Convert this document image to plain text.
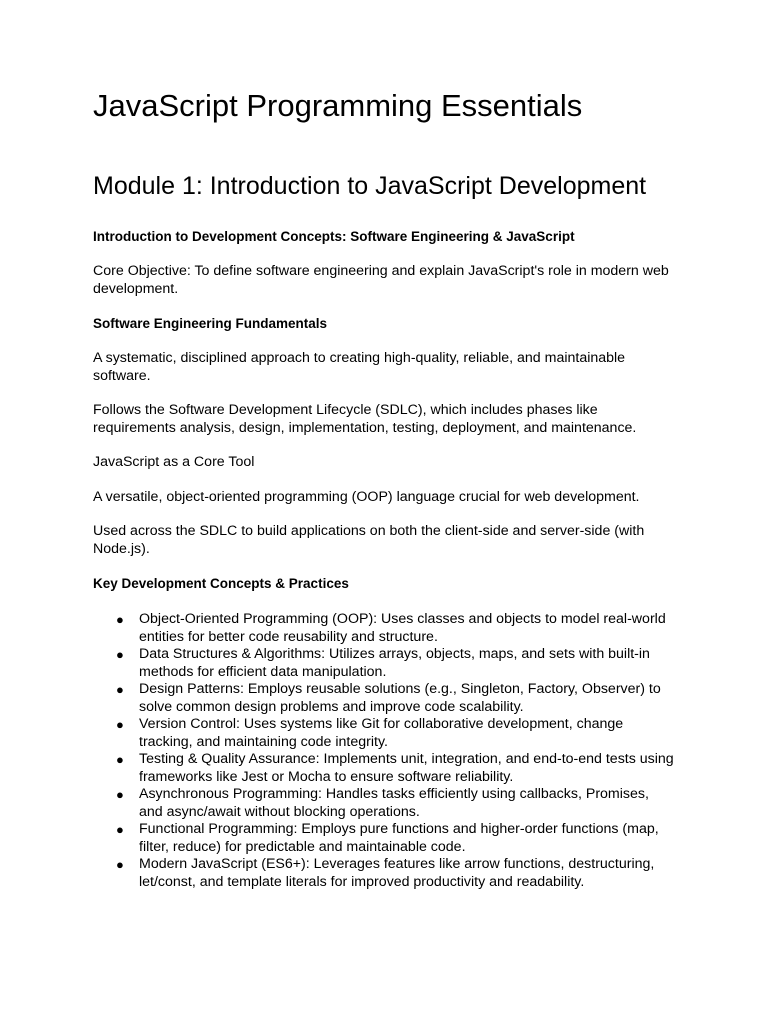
JavaScript Programming Essentials
Module 1: Introduction to JavaScript Development
Introduction to Development Concepts: Software Engineering & JavaScript
Core Objective: To define software engineering and explain JavaScript's role in modern web development.
Software Engineering Fundamentals
A systematic, disciplined approach to creating high-quality, reliable, and maintainable software.
Follows the Software Development Lifecycle (SDLC), which includes phases like requirements analysis, design, implementation, testing, deployment, and maintenance.
JavaScript as a Core Tool
A versatile, object-oriented programming (OOP) language crucial for web development.
Used across the SDLC to build applications on both the client-side and server-side (with Node.js).
Key Development Concepts & Practices
● Object-Oriented Programming (OOP): Uses classes and objects to model real-world entities for better code reusability and structure.
● Data Structures & Algorithms: Utilizes arrays, objects, maps, and sets with built-in methods for efficient data manipulation.
● Design Patterns: Employs reusable solutions (e.g., Singleton, Factory, Observer) to solve common design problems and improve code scalability.
● Version Control: Uses systems like Git for collaborative development, change tracking, and maintaining code integrity.
● Testing & Quality Assurance: Implements unit, integration, and end-to-end tests using frameworks like Jest or Mocha to ensure software reliability.
● Asynchronous Programming: Handles tasks efficiently using callbacks, Promises, and async/await without blocking operations.
● Functional Programming: Employs pure functions and higher-order functions (map, filter, reduce) for predictable and maintainable code.
● Modern JavaScript (ES6+): Leverages features like arrow functions, destructuring, let/const, and template literals for improved productivity and readability.
